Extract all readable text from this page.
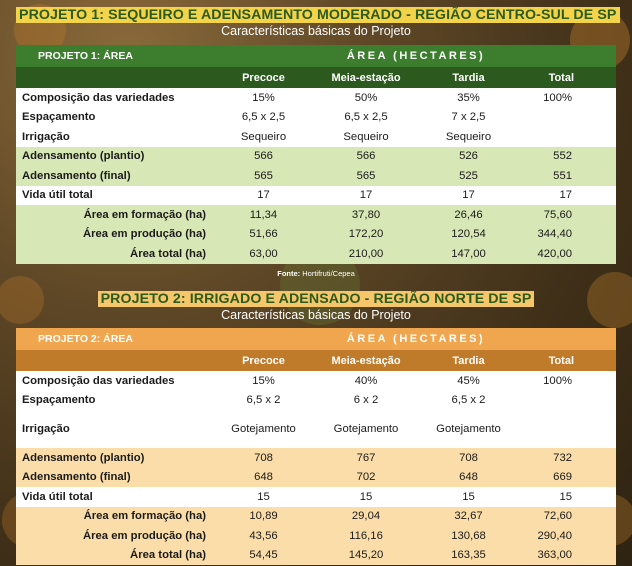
PROJETO 1: SEQUEIRO E ADENSAMENTO MODERADO - REGIÃO CENTRO-SUL DE SP
Características básicas do Projeto
PROJETO 1: ÁREA	ÁREA (HECTARES)			
	Precoce	Meia-estação	Tardia	Total
Composição das variedades	15%	50%	35%	100%
Espaçamento	6,5 x 2,5	6,5 x 2,5	7 x 2,5	
Irrigação	Sequeiro	Sequeiro	Sequeiro	
Adensamento (plantio)	566	566	526	552
Adensamento (final)	565	565	525	551
Vida útil total	17	17	17	17
Área em formação (ha)	11,34	37,80	26,46	75,60
Área em produção (ha)	51,66	172,20	120,54	344,40
Área total (ha)	63,00	210,00	147,00	420,00
Fonte: Hortifruti/Cepea
PROJETO 2: IRRIGADO E ADENSADO - REGIÃO NORTE DE SP
Características básicas do Projeto
PROJETO 2: ÁREA	ÁREA (HECTARES)			
	Precoce	Meia-estação	Tardia	Total
Composição das variedades	15%	40%	45%	100%
Espaçamento	6,5 x 2	6 x 2	6,5 x 2	
Irrigação	Gotejamento	Gotejamento	Gotejamento	
Adensamento (plantio)	708	767	708	732
Adensamento (final)	648	702	648	669
Vida útil total	15	15	15	15
Área em formação (ha)	10,89	29,04	32,67	72,60
Área em produção (ha)	43,56	116,16	130,68	290,40
Área total (ha)	54,45	145,20	163,35	363,00
